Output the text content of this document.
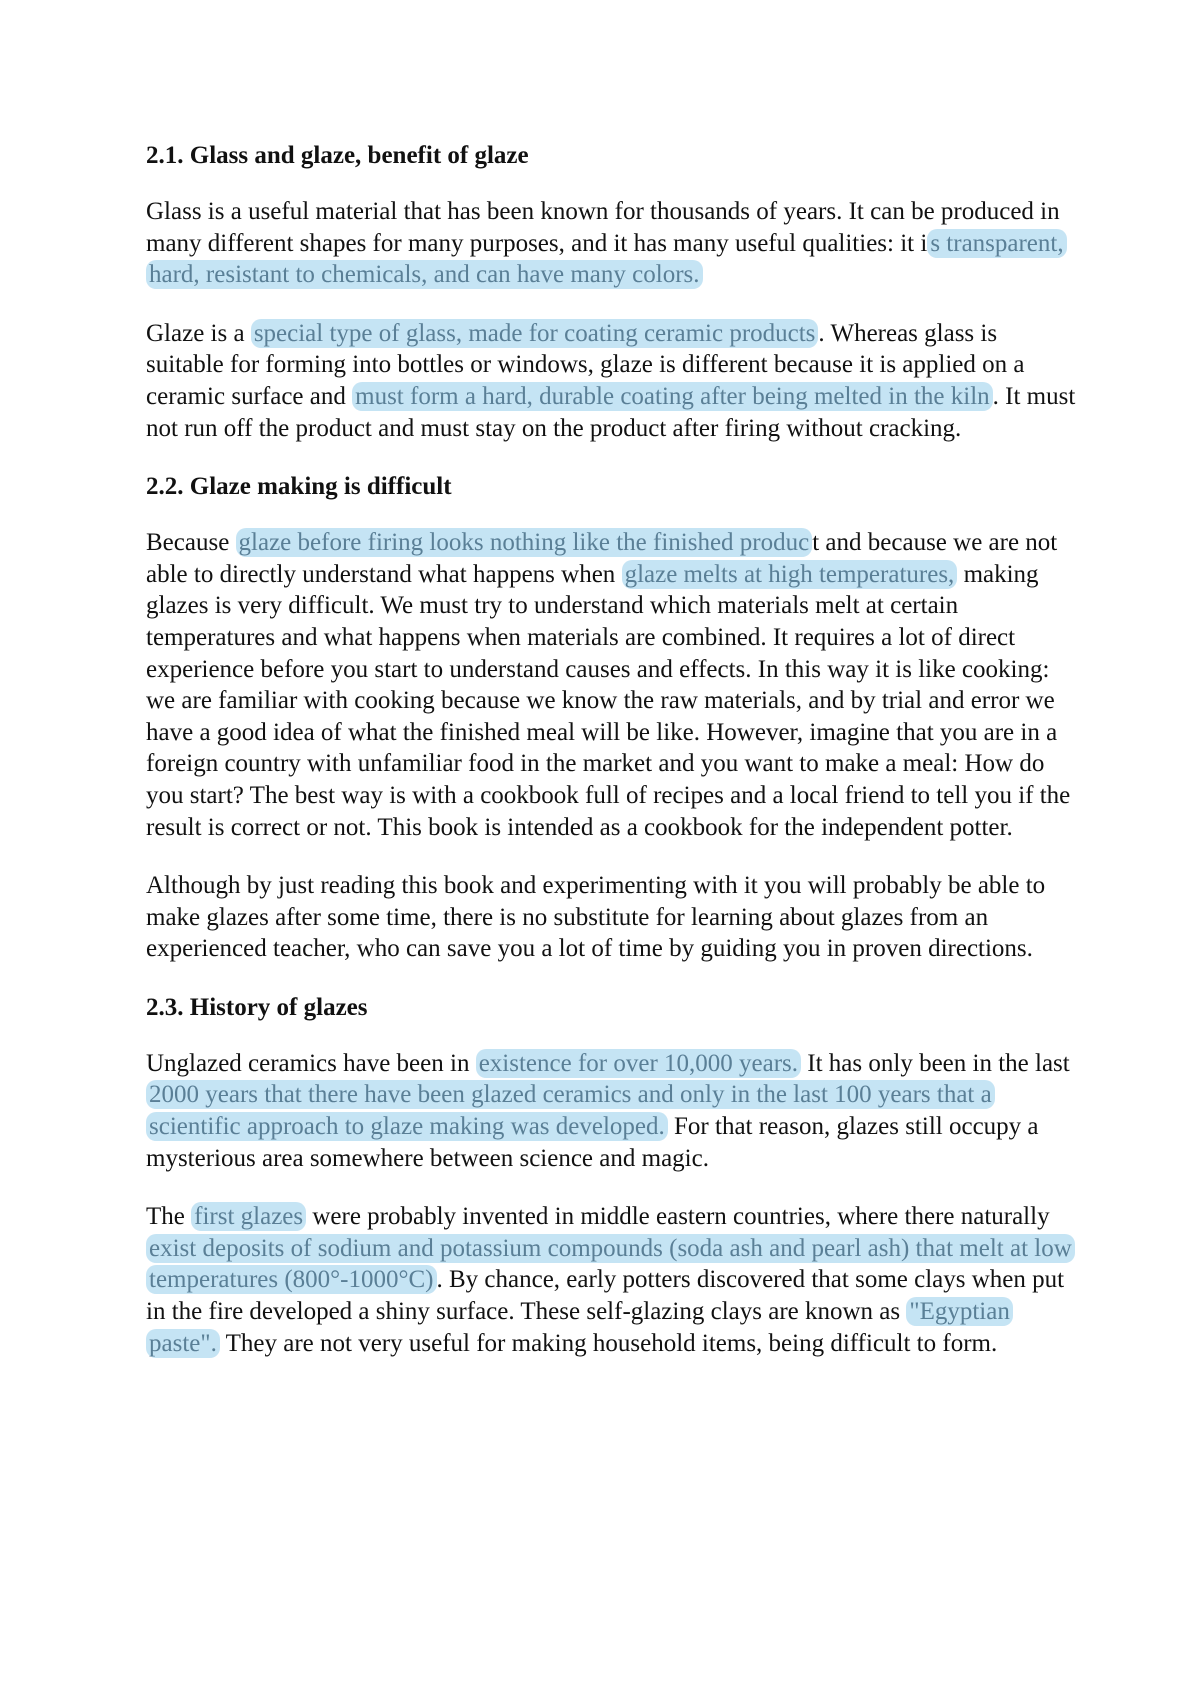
2.1. Glass and glaze, benefit of glaze

Glass is a useful material that has been known for thousands of years. It can be produced in many different shapes for many purposes, and it has many useful qualities: it i s transparent, hard, resistant to chemicals, and can have many colors.

Glaze is a special type of glass, made for coating ceramic products . Whereas glass is suitable for forming into bottles or windows, glaze is different because it is applied on a ceramic surface and must form a hard, durable coating after being melted in the kiln . It must not run off the product and must stay on the product after firing without cracking.

2.2. Glaze making is difficult

Because glaze before firing looks nothing like the finished produc t and because we are not able to directly understand what happens when glaze melts at high temperatures, making glazes is very difficult. We must try to understand which materials melt at certain temperatures and what happens when materials are combined. It requires a lot of direct experience before you start to understand causes and effects. In this way it is like cooking: we are familiar with cooking because we know the raw materials, and by trial and error we have a good idea of what the finished meal will be like. However, imagine that you are in a foreign country with unfamiliar food in the market and you want to make a meal: How do you start? The best way is with a cookbook full of recipes and a local friend to tell you if the result is correct or not. This book is intended as a cookbook for the independent potter.

Although by just reading this book and experimenting with it you will probably be able to make glazes after some time, there is no substitute for learning about glazes from an experienced teacher, who can save you a lot of time by guiding you in proven directions.

2.3. History of glazes

Unglazed ceramics have been in existence for over 10,000 years. It has only been in the last 2000 years that there have been glazed ceramics and only in the last 100 years that a scientific approach to glaze making was developed. For that reason, glazes still occupy a mysterious area somewhere between science and magic.

The first glazes were probably invented in middle eastern countries, where there naturally exist deposits of sodium and potassium compounds (soda ash and pearl ash) that melt at low temperatures (800°-1000°C) . By chance, early potters discovered that some clays when put in the fire developed a shiny surface. These self-glazing clays are known as "Egyptian paste". They are not very useful for making household items, being difficult to form.
